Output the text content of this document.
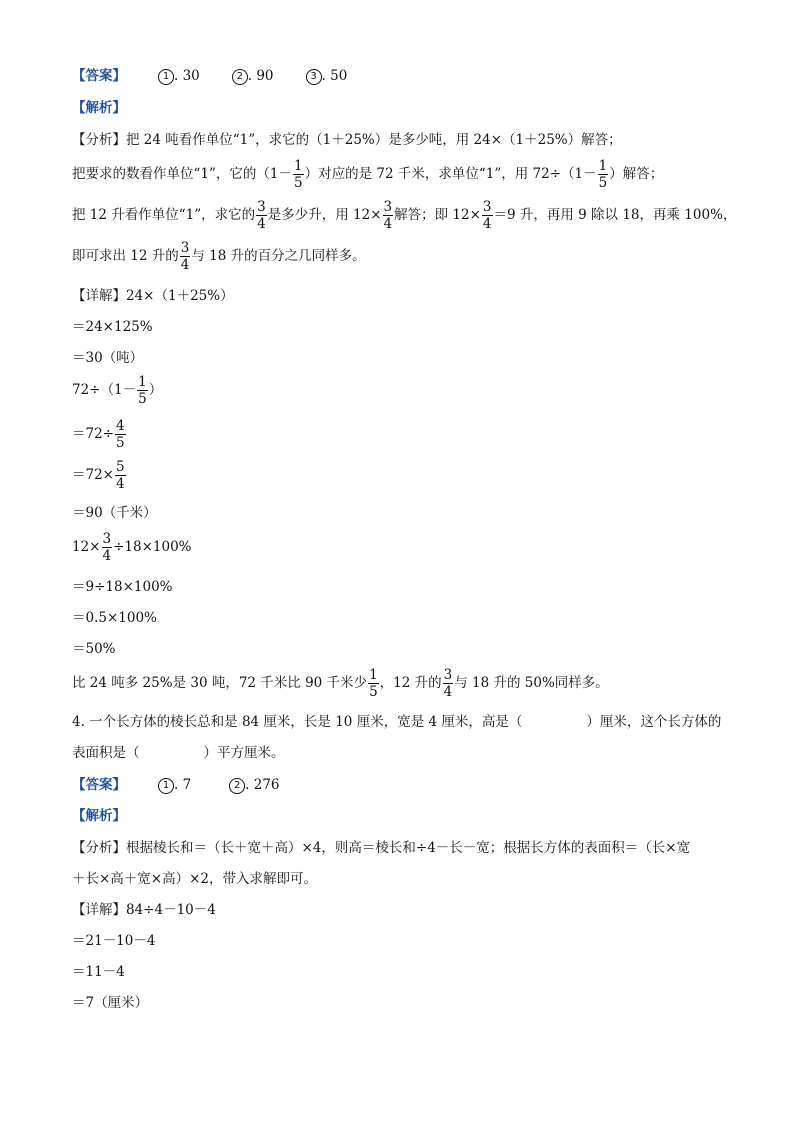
【答案】	1 . 30	2 . 90	3 . 50
【解析】
【分析】把 24 吨看作单位“1”，求它的（1＋25%）是多少吨，用 24×（1＋25%）解答；
把要求的数看作单位“1”，它的（$1- \frac{1}{5}$ ）对应的是 72 千米，求单位“1”，用 $72\div(1- \frac{1}{5}$ ）解答；
把 12 升看作单位“1”，求它的 $\frac{3}{4}$ 是多少升，用 $12\times \frac{3}{4}$ 解答；即 $12\times \frac{3}{4} =9$ 升，再用 9 除以 18，再乘 100%，
即可求出 12 升的 $\frac{3}{4}$ 与 18 升的百分之几同样多。
【详解】24×（1＋25%）
＝24×125%
＝30（吨）
$72\div(1- \frac{1}{5}$ ）
$=72\div \frac{4}{5}$
$=72\times \frac{5}{4}$
＝90（千米）
$12\times \frac{3}{4} \div 18\times 100\%$
＝9÷18×100%
＝0.5×100%
＝50%
比 24 吨多 25%是 30 吨，72 千米比 90 千米少 $\frac{1}{5}$ ，12 升的 $\frac{3}{4}$ 与 18 升的 50%同样多。
4. 一个长方体的棱长总和是 84 厘米，长是 10 厘米，宽是 4 厘米，高是（	）厘米，这个长方体的
表面积是（	）平方厘米。
【答案】	1 . 7	2 . 276
【解析】
【分析】根据棱长和＝（长＋宽＋高）×4，则高＝棱长和÷4－长－宽；根据长方体的表面积＝（长×宽
＋长×高＋宽×高）×2，带入求解即可。
【详解】84÷4－10－4
＝21－10－4
＝11－4
＝7（厘米）
